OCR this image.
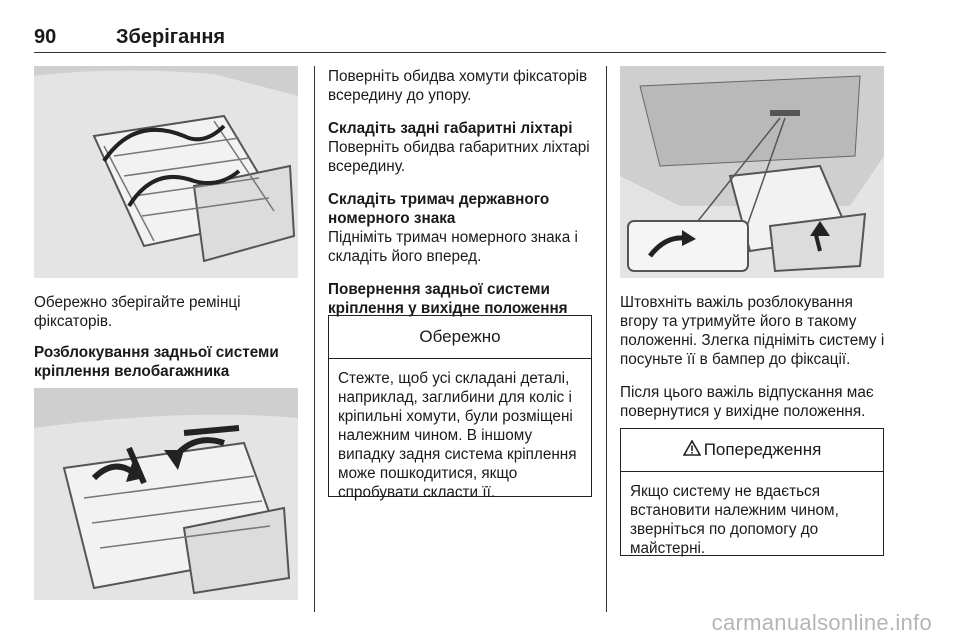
90	Зберігання

Обережно зберігайте ремінці фіксаторів.

Розблокування задньої системи кріплення велобагажника

Поверніть обидва хомути фіксаторів всередину до упору.

Складіть задні габаритні ліхтарі

Поверніть обидва габаритних ліхтарі всередину.

Складіть тримач державного номерного знака

Підніміть тримач номерного знака і складіть його вперед.

Повернення задньої системи кріплення у вихідне положення

Обережно
Стежте, щоб усі складані деталі, наприклад, заглибини для коліс і кріпильні хомути, були розміщені належним чином. В іншому випадку задня система кріплення може пошкодитися, якщо спробувати скласти її.

Штовхніть важіль розблокування вгору та утримуйте його в такому положенні. Злегка підніміть систему і посуньте її в бампер до фіксації.

Після цього важіль відпускання має повернутися у вихідне положення.

Попередження
Якщо систему не вдається встановити належним чином, зверніться по допомогу до майстерні.
carmanualsonline.info
